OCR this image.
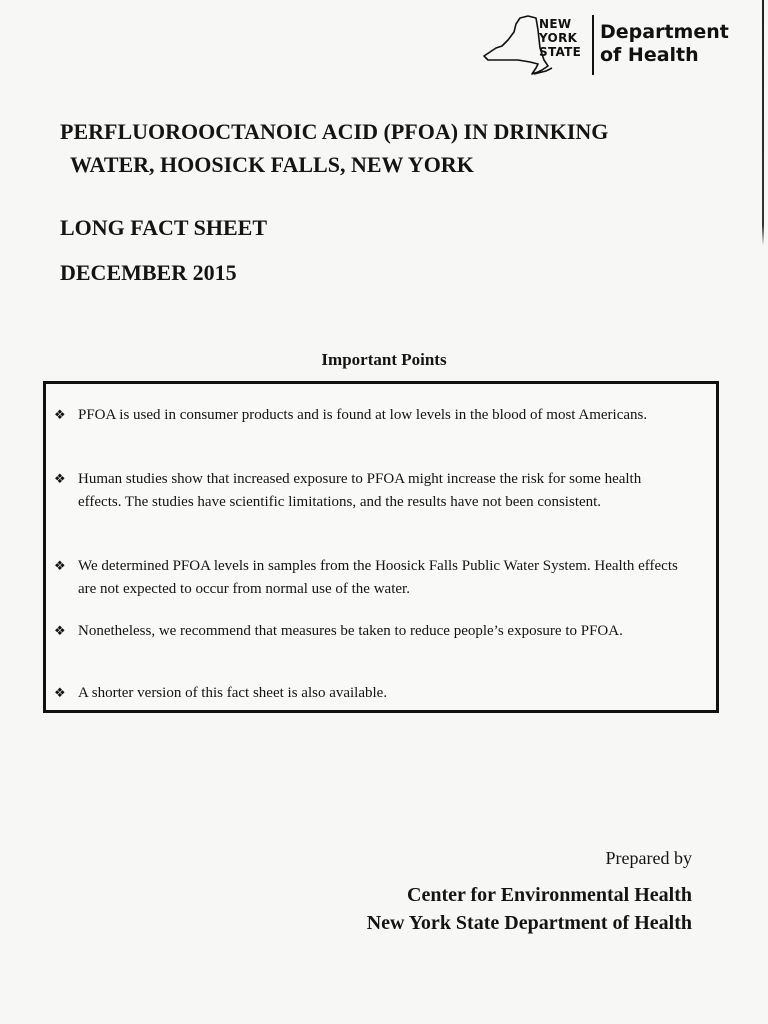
NEW
YORK
STATE
Department
of Health
PERFLUOROOCTANOIC ACID (PFOA) IN DRINKING
WATER, HOOSICK FALLS, NEW YORK
LONG FACT SHEET
DECEMBER 2015
Important Points
❖ PFOA is used in consumer products and is found at low levels in the blood of most Americans.
❖ Human studies show that increased exposure to PFOA might increase the risk for some health effects. The studies have scientific limitations, and the results have not been consistent.
❖ We determined PFOA levels in samples from the Hoosick Falls Public Water System. Health effects are not expected to occur from normal use of the water.
❖ Nonetheless, we recommend that measures be taken to reduce people’s exposure to PFOA.
❖ A shorter version of this fact sheet is also available.
Prepared by
Center for Environmental Health
New York State Department of Health
